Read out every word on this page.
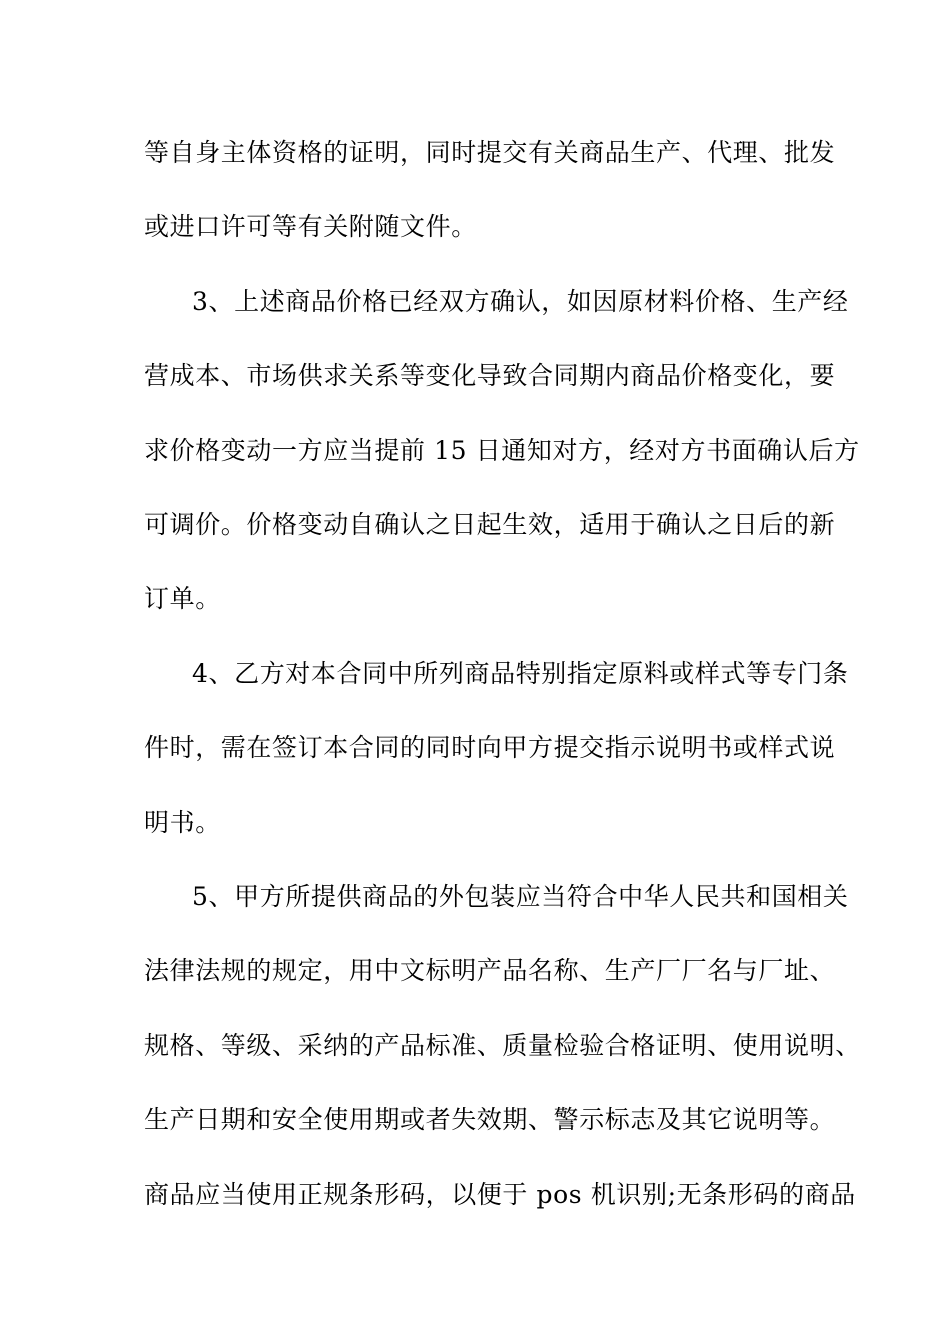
等自身主体资格的证明，同时提交有关商品生产、代理、批发
或进口许可等有关附随文件。
3、上述商品价格已经双方确认，如因原材料价格、生产经
营成本、市场供求关系等变化导致合同期内商品价格变化，要
求价格变动一方应当提前 15 日通知对方，经对方书面确认后方
可调价。价格变动自确认之日起生效，适用于确认之日后的新
订单。
4、乙方对本合同中所列商品特别指定原料或样式等专门条
件时，需在签订本合同的同时向甲方提交指示说明书或样式说
明书。
5、甲方所提供商品的外包装应当符合中华人民共和国相关
法律法规的规定，用中文标明产品名称、生产厂厂名与厂址、
规格、等级、采纳的产品标准、质量检验合格证明、使用说明、
生产日期和安全使用期或者失效期、警示标志及其它说明等。
商品应当使用正规条形码，以便于 pos 机识别;无条形码的商品
